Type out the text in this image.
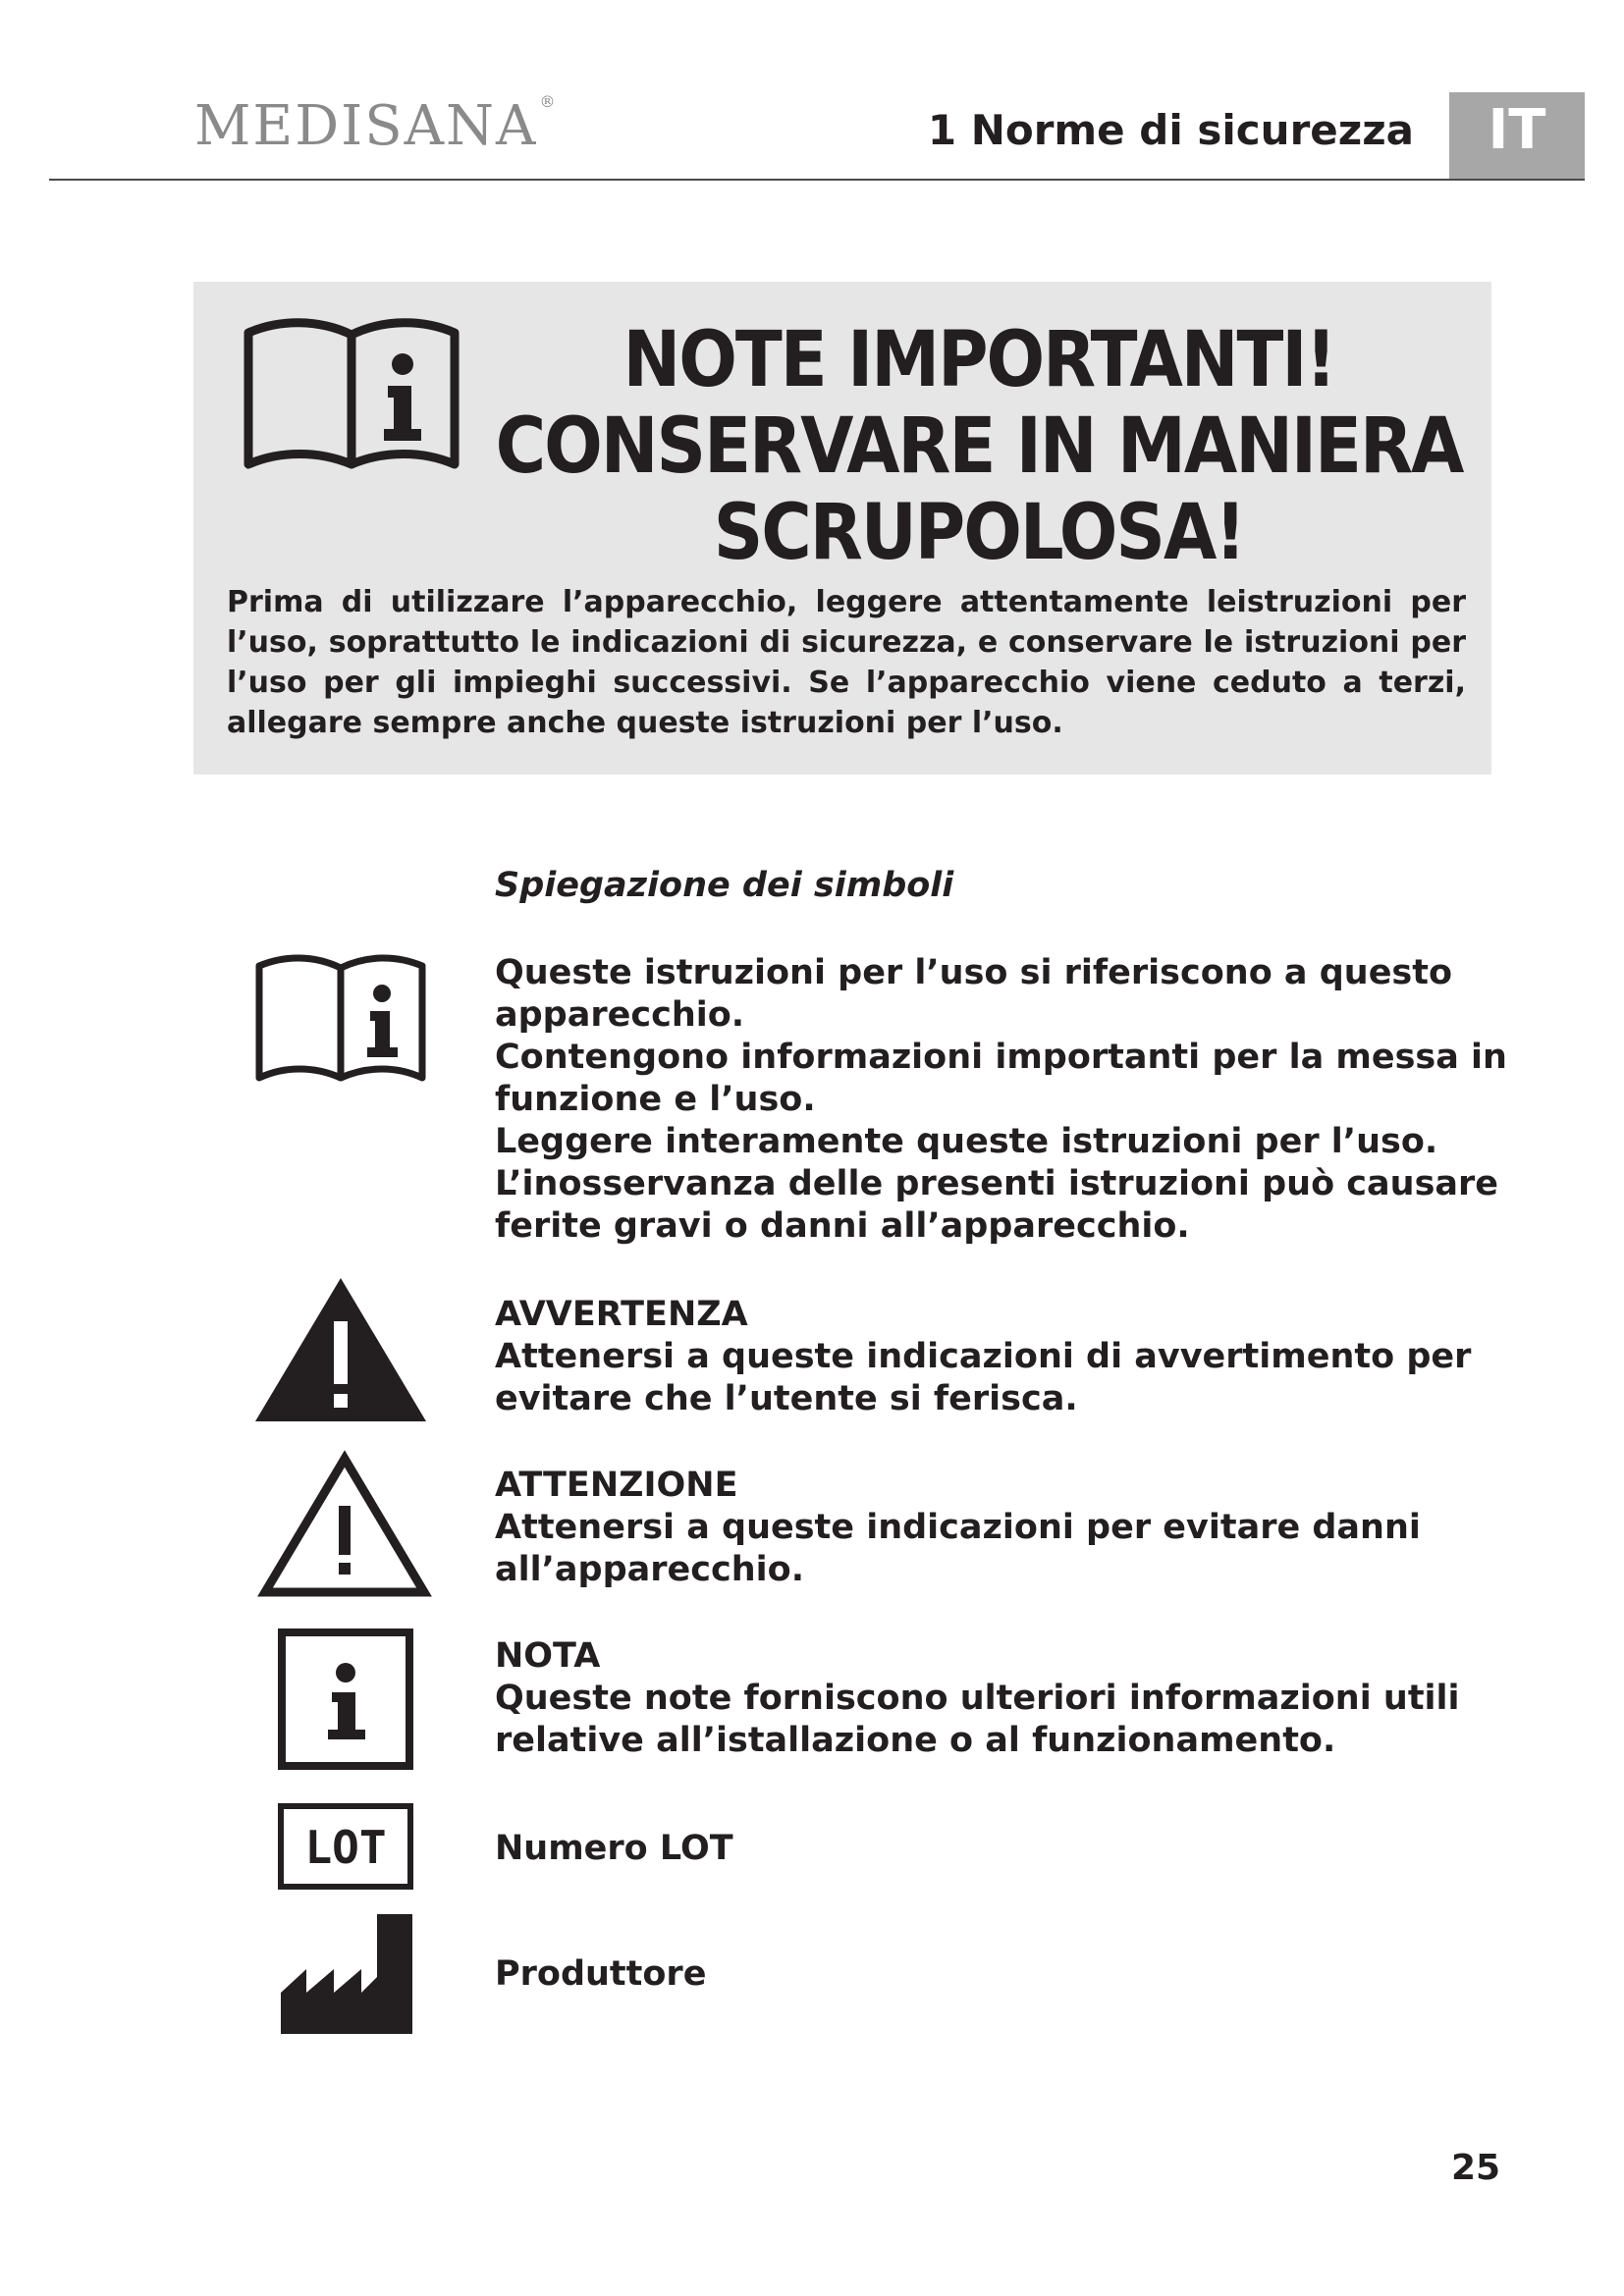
MEDISANA ®
1 Norme di sicurezza	IT
NOTE IMPORTANTI!
CONSERVARE IN MANIERA
SCRUPOLOSA!
Prima di utilizzare l’apparecchio, leggere attentamente leistruzioni per l’uso, soprattutto le indicazioni di sicurezza, e conservare le istruzioni per l’uso per gli impieghi successivi. Se l’apparecchio viene ceduto a terzi, allegare sempre anche queste istruzioni per l’uso.
Spiegazione dei simboli
Queste istruzioni per l’uso si riferiscono a questo
apparecchio.
Contengono informazioni importanti per la messa in
funzione e l’uso.
Leggere interamente queste istruzioni per l’uso.
L’inosservanza delle presenti istruzioni può causare
ferite gravi o danni all’apparecchio.
AVVERTENZA
Attenersi a queste indicazioni di avvertimento per
evitare che l’utente si ferisca.
ATTENZIONE
Attenersi a queste indicazioni per evitare danni
all’apparecchio.
NOTA
Queste note forniscono ulteriori informazioni utili
relative all’istallazione o al funzionamento.
LOT	Numero LOT
Produttore
25
